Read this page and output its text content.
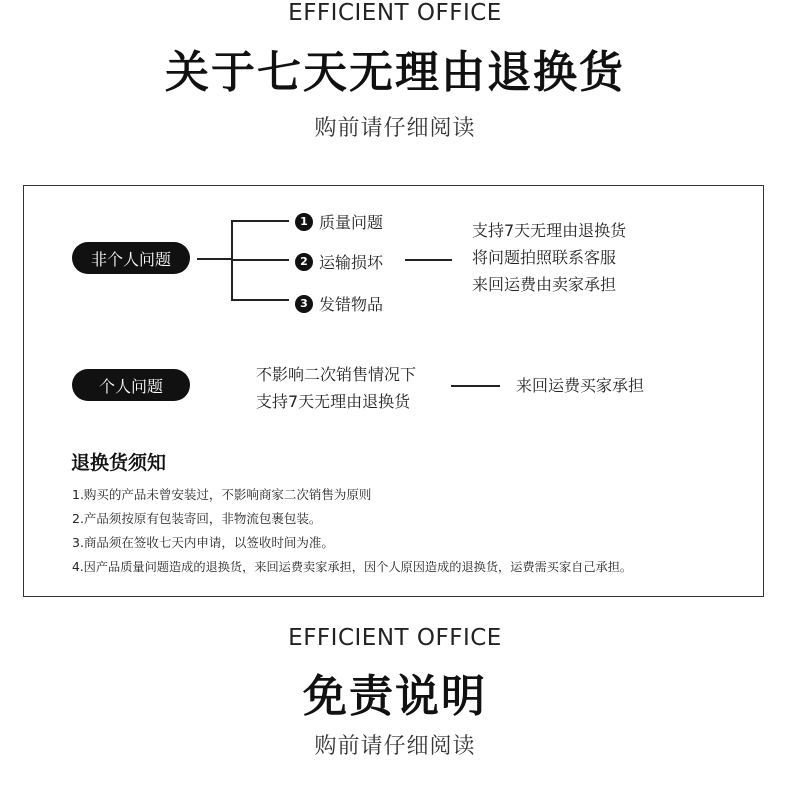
EFFICIENT OFFICE
关于七天无理由退换货
购前请仔细阅读
非个人问题
1 质量问题
2 运输损坏
3 发错物品
支持7天无理由退换货
将问题拍照联系客服
来回运费由卖家承担
个人问题
不影响二次销售情况下
支持7天无理由退换货
来回运费买家承担
退换货须知
1.购买的产品未曾安装过，不影响商家二次销售为原则
2.产品须按原有包装寄回，非物流包裹包装。
3.商品须在签收七天内申请，以签收时间为准。
4.因产品质量问题造成的退换货，来回运费卖家承担，因个人原因造成的退换货，运费需买家自己承担。
EFFICIENT OFFICE
免责说明
购前请仔细阅读
